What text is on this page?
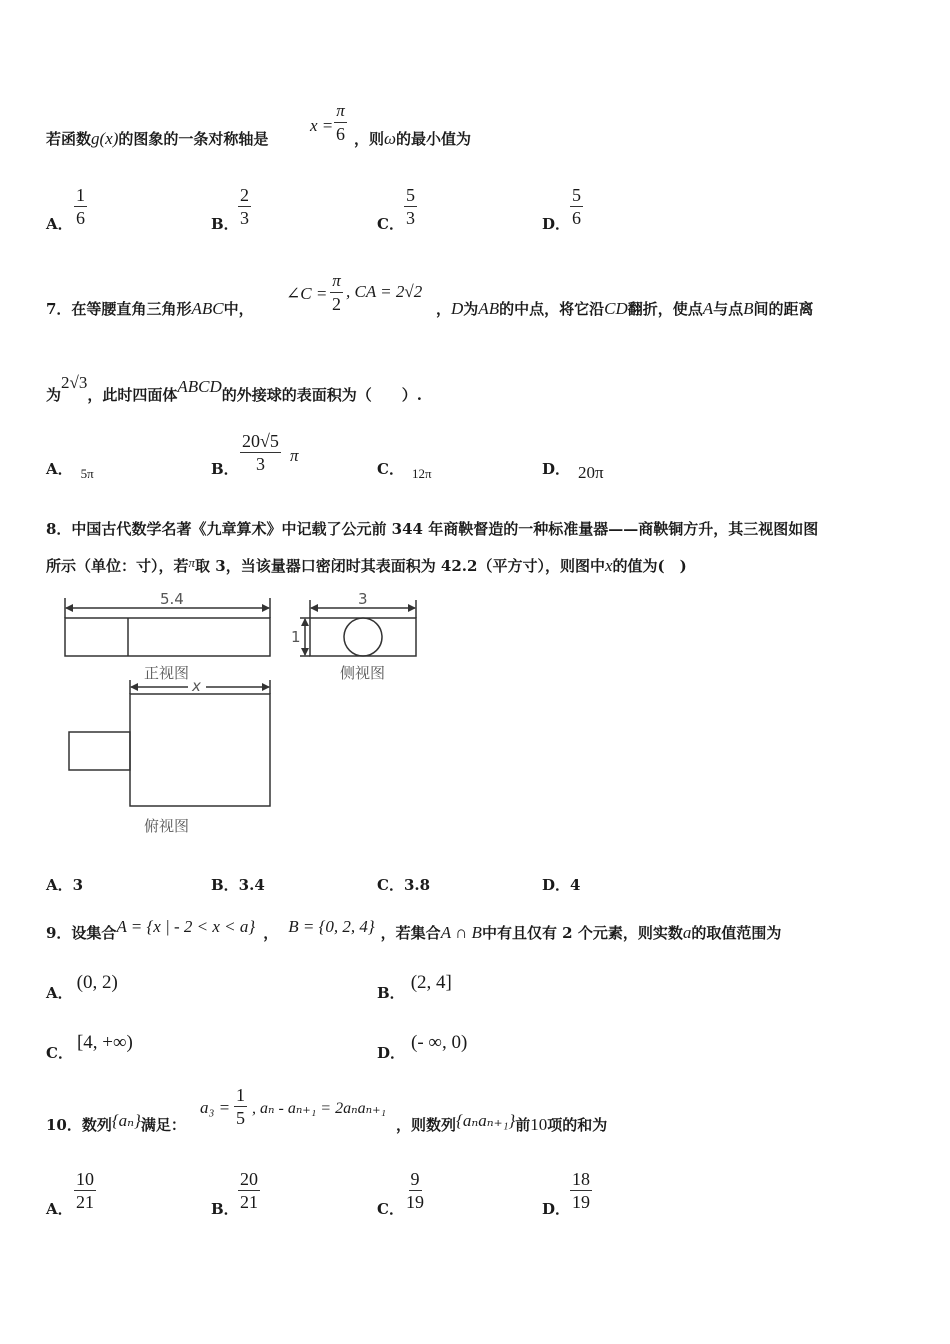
若函数g(x)的图象的一条对称轴是
$x = \frac{\pi}{6}$ ，则ω的最小值为
A． $\frac{1}{6}$	B． $\frac{2}{3}$	C． $\frac{5}{3}$	D． $\frac{5}{6}$
7．在等腰直角三角形ABC中，
∠C = $\frac{\pi}{2}$ , CA = 2√2
，D为AB的中点，将它沿CD翻折，使点A与点B间的距离
为2√3，此时四面体ABCD的外接球的表面积为（　　）.
A． 5π	B． $\frac{20√5}{3}$ π
C． 12π	D． 20π
8．中国古代数学名著《九章算术》中记载了公元前 344 年商鞅督造的一种标准量器——商鞅铜方升，其三视图如图
所示（单位：寸），若π取 3，当该量器口密闭时其表面积为 42.2（平方寸），则图中x的值为(　)
5.4
正视图
3
1
侧视图
x
俯视图
A．3	B．3.4	C．3.8	D．4
9．设集合A = {x | - 2 < x < a} ， B = {0, 2, 4} ，若集合A ∩ B中有且仅有 2 个元素，则实数a的取值范围为
A． (0, 2)	B． (2, 4]
C． [4, +∞)	D． (- ∞, 0)
10．数列{aₙ}满足：
$a_3 = \frac{1}{5}$ , aₙ - aₙ₊₁ = 2aₙaₙ₊₁
，则数列{aₙaₙ₊₁}前10项的和为
A． $\frac{10}{21}$	B． $\frac{20}{21}$	C． $\frac{9}{19}$	D． $\frac{18}{19}$
